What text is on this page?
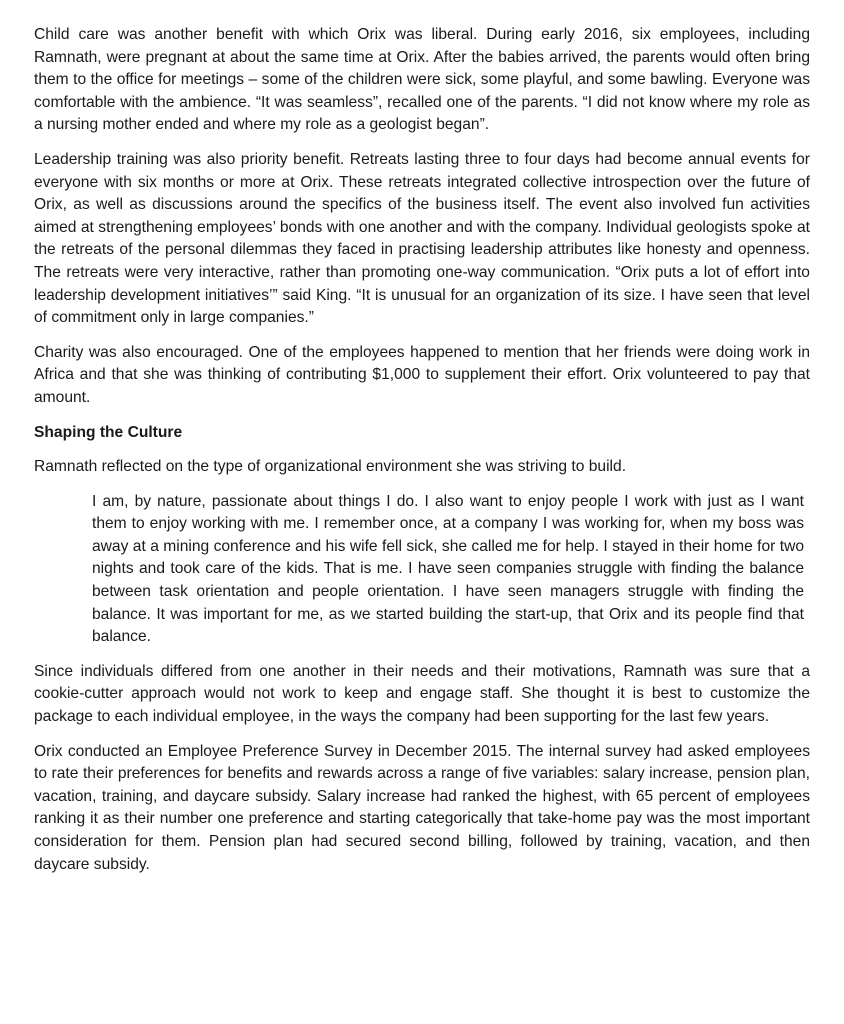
Child care was another benefit with which Orix was liberal. During early 2016, six employees, including Ramnath, were pregnant at about the same time at Orix. After the babies arrived, the parents would often bring them to the office for meetings – some of the children were sick, some playful, and some bawling. Everyone was comfortable with the ambience. “It was seamless”, recalled one of the parents. “I did not know where my role as a nursing mother ended and where my role as a geologist began”.

Leadership training was also priority benefit. Retreats lasting three to four days had become annual events for everyone with six months or more at Orix. These retreats integrated collective introspection over the future of Orix, as well as discussions around the specifics of the business itself. The event also involved fun activities aimed at strengthening employees’ bonds with one another and with the company. Individual geologists spoke at the retreats of the personal dilemmas they faced in practising leadership attributes like honesty and openness. The retreats were very interactive, rather than promoting one-way communication. “Orix puts a lot of effort into leadership development initiatives’” said King. “It is unusual for an organization of its size. I have seen that level of commitment only in large companies.”

Charity was also encouraged. One of the employees happened to mention that her friends were doing work in Africa and that she was thinking of contributing $1,000 to supplement their effort. Orix volunteered to pay that amount.

Shaping the Culture

Ramnath reflected on the type of organizational environment she was striving to build.

I am, by nature, passionate about things I do. I also want to enjoy people I work with just as I want them to enjoy working with me. I remember once, at a company I was working for, when my boss was away at a mining conference and his wife fell sick, she called me for help. I stayed in their home for two nights and took care of the kids. That is me. I have seen companies struggle with finding the balance between task orientation and people orientation. I have seen managers struggle with finding the balance. It was important for me, as we started building the start-up, that Orix and its people find that balance.

Since individuals differed from one another in their needs and their motivations, Ramnath was sure that a cookie-cutter approach would not work to keep and engage staff. She thought it is best to customize the package to each individual employee, in the ways the company had been supporting for the last few years.

Orix conducted an Employee Preference Survey in December 2015. The internal survey had asked employees to rate their preferences for benefits and rewards across a range of five variables: salary increase, pension plan, vacation, training, and daycare subsidy. Salary increase had ranked the highest, with 65 percent of employees ranking it as their number one preference and starting categorically that take-home pay was the most important consideration for them. Pension plan had secured second billing, followed by training, vacation, and then daycare subsidy.
